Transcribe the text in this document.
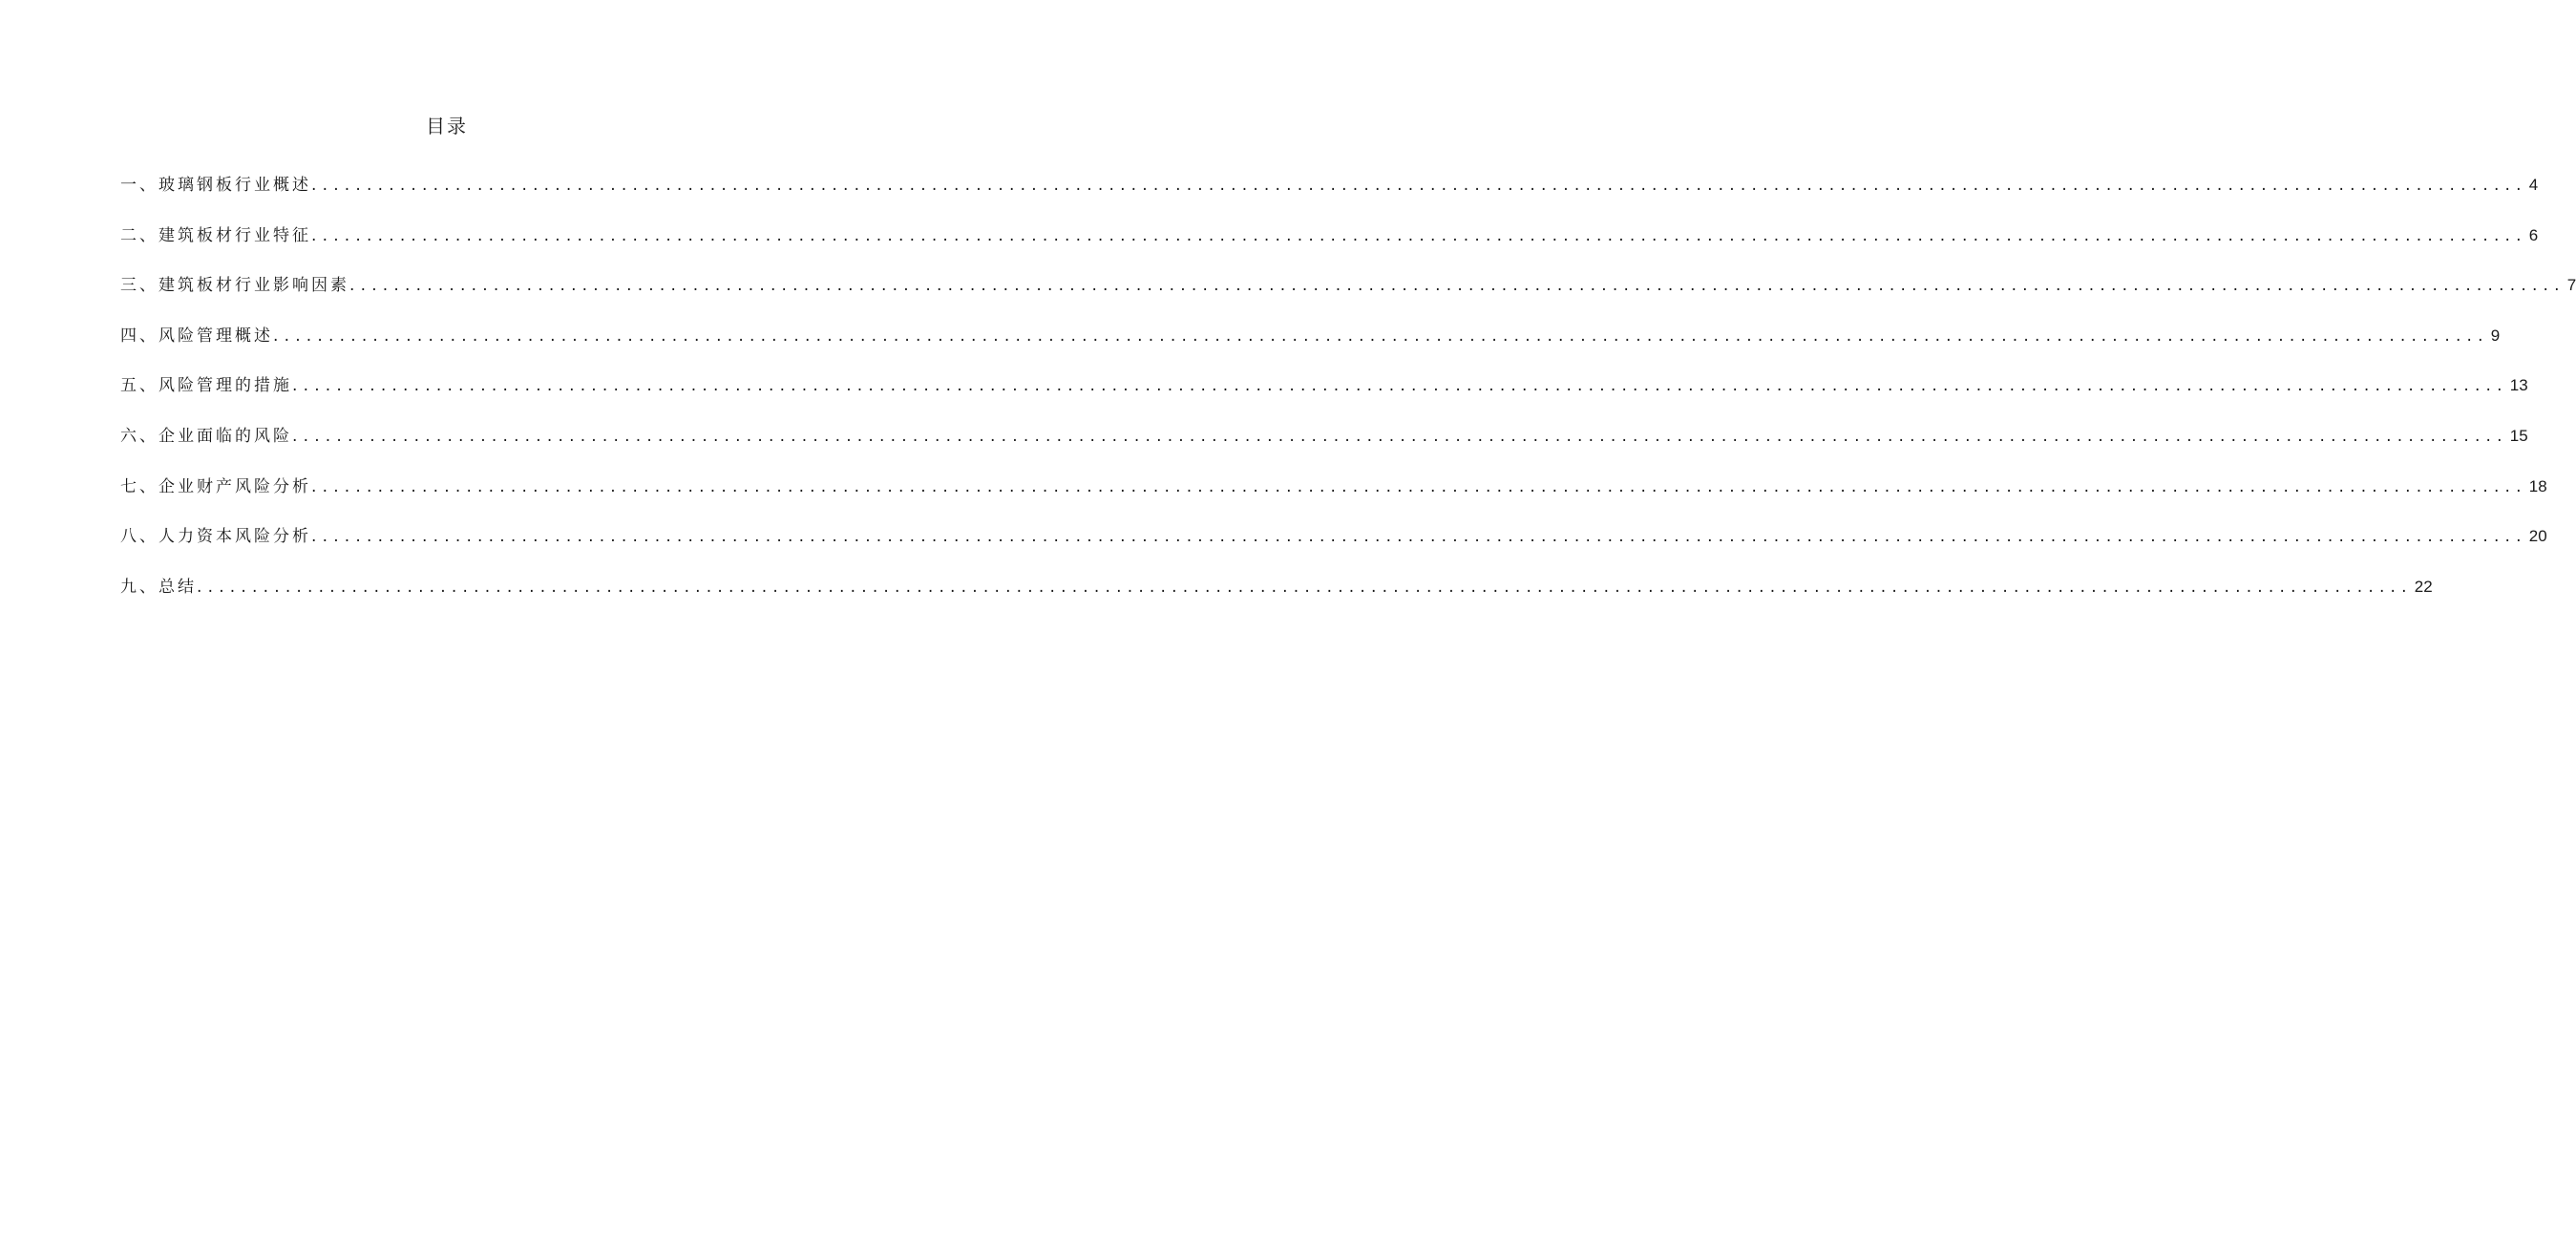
目录
一、玻璃钢板行业概述 ........................................................................................................................................................................................................ 4
二、建筑板材行业特征 ........................................................................................................................................................................................................ 6
三、建筑板材行业影响因素 ........................................................................................................................................................................................................ 7
四、风险管理概述 ........................................................................................................................................................................................................ 9
五、风险管理的措施 ........................................................................................................................................................................................................ 13
六、企业面临的风险 ........................................................................................................................................................................................................ 15
七、企业财产风险分析 ........................................................................................................................................................................................................ 18
八、人力资本风险分析 ........................................................................................................................................................................................................ 20
九、总结 ........................................................................................................................................................................................................ 22
